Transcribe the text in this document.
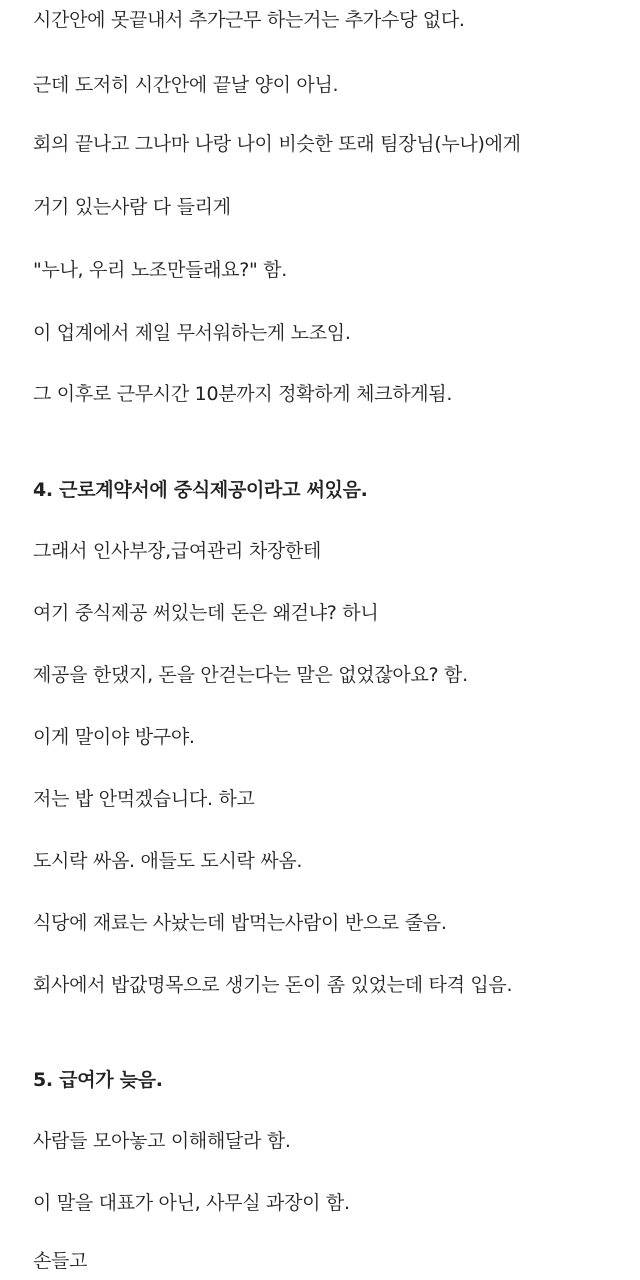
시간안에 못끝내서 추가근무 하는거는 추가수당 없다.
근데 도저히 시간안에 끝날 양이 아님.
회의 끝나고 그나마 나랑 나이 비슷한 또래 팀장님(누나)에게
거기 있는사람 다 들리게
"누나, 우리 노조만들래요?" 함.
이 업계에서 제일 무서워하는게 노조임.
그 이후로 근무시간 10분까지 정확하게 체크하게됨.
4. 근로계약서에 중식제공이라고 써있음.
그래서 인사부장,급여관리 차장한테
여기 중식제공 써있는데 돈은 왜걷냐? 하니
제공을 한댔지, 돈을 안걷는다는 말은 없었잖아요? 함.
이게 말이야 방구야.
저는 밥 안먹겠습니다. 하고
도시락 싸옴. 애들도 도시락 싸옴.
식당에 재료는 사놨는데 밥먹는사람이 반으로 줄음.
회사에서 밥값명목으로 생기는 돈이 좀 있었는데 타격 입음.
5. 급여가 늦음.
사람들 모아놓고 이해해달라 함.
이 말을 대표가 아닌, 사무실 과장이 함.
손들고
